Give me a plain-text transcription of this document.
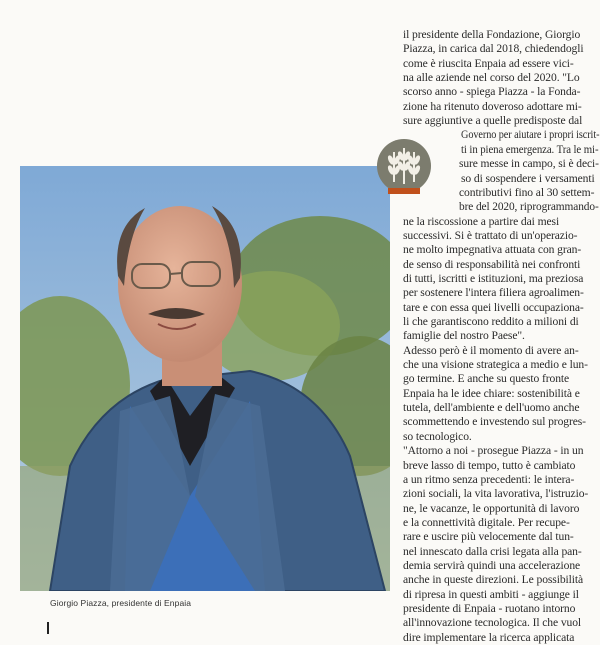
Giorgio Piazza, presidente di Enpaia

il presidente della Fondazione, Giorgio

Piazza, in carica dal 2018, chiedendogli

come è riuscita Enpaia ad essere vici-

na alle aziende nel corso del 2020. "Lo

scorso anno - spiega Piazza - la Fonda-

zione ha ritenuto doveroso adottare mi-

sure aggiuntive a quelle predisposte dal

Governo per aiutare i propri iscrit-

ti in piena emergenza. Tra le mi-

sure messe in campo, si è deci-

so di sospendere i versamenti

contributivi fino al 30 settem-

bre del 2020, riprogrammando-

ne la riscossione a partire dai mesi

successivi. Si è trattato di un'operazio-

ne molto impegnativa attuata con gran-

de senso di responsabilità nei confronti

di tutti, iscritti e istituzioni, ma preziosa

per sostenere l'intera filiera agroalimen-

tare e con essa quei livelli occupaziona-

li che garantiscono reddito a milioni di

famiglie del nostro Paese".

Adesso però è il momento di avere an-

che una visione strategica a medio e lun-

go termine. E anche su questo fronte

Enpaia ha le idee chiare: sostenibilità e

tutela, dell'ambiente e dell'uomo anche

scommettendo e investendo sul progres-

so tecnologico.

"Attorno a noi - prosegue Piazza - in un

breve lasso di tempo, tutto è cambiato

a un ritmo senza precedenti: le intera-

zioni sociali, la vita lavorativa, l'istruzio-

ne, le vacanze, le opportunità di lavoro

e la connettività digitale. Per recupe-

rare e uscire più velocemente dal tun-

nel innescato dalla crisi legata alla pan-

demia servirà quindi una accelerazione

anche in queste direzioni. Le possibilità

di ripresa in questi ambiti - aggiunge il

presidente di Enpaia - ruotano intorno

all'innovazione tecnologica. Il che vuol

dire implementare la ricerca applicata
